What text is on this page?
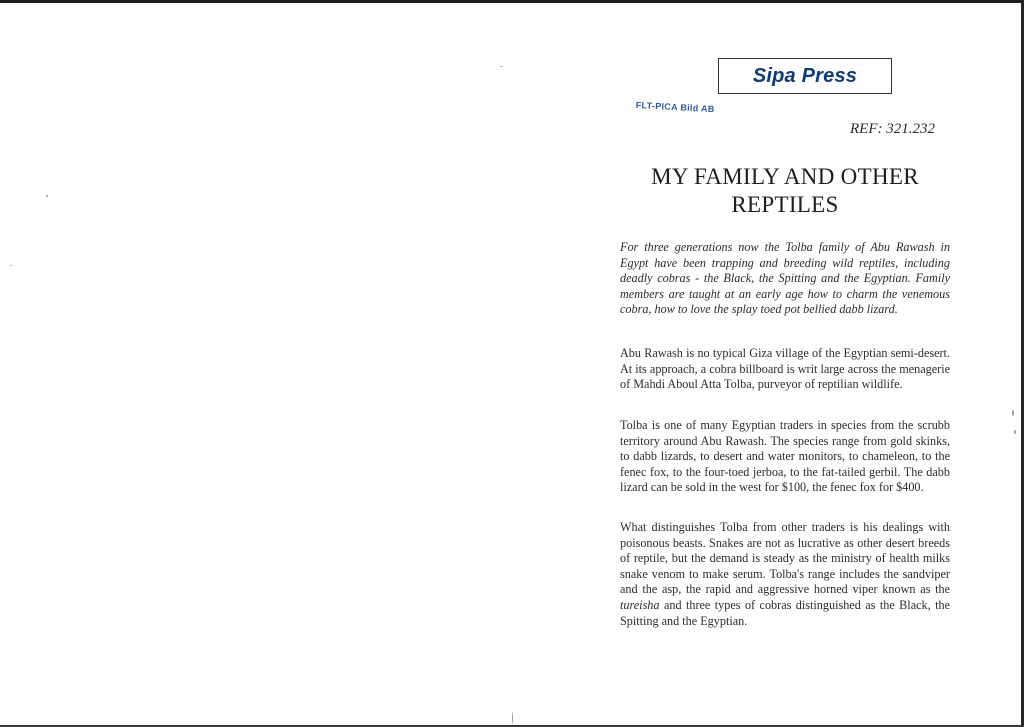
Sipa Press
FLT-PICA Bild AB
REF: 321.232
MY FAMILY AND OTHER REPTILES

For three generations now the Tolba family of Abu Rawash in Egypt have been trapping and breeding wild reptiles, including deadly cobras - the Black, the Spitting and the Egyptian. Family members are taught at an early age how to charm the venemous cobra, how to love the splay toed pot bellied dabb lizard.

Abu Rawash is no typical Giza village of the Egyptian semi-desert. At its approach, a cobra billboard is writ large across the menagerie of Mahdi Aboul Atta Tolba, purveyor of reptilian wildlife.

Tolba is one of many Egyptian traders in species from the scrubb territory around Abu Rawash. The species range from gold skinks, to dabb lizards, to desert and water monitors, to chameleon, to the fenec fox, to the four-toed jerboa, to the fat-tailed gerbil. The dabb lizard can be sold in the west for $100, the fenec fox for $400.

What distinguishes Tolba from other traders is his dealings with poisonous beasts. Snakes are not as lucrative as other desert breeds of reptile, but the demand is steady as the ministry of health milks snake venom to make serum. Tolba's range includes the sandviper and the asp, the rapid and aggressive horned viper known as the tureisha and three types of cobras distinguished as the Black, the Spitting and the Egyptian.
